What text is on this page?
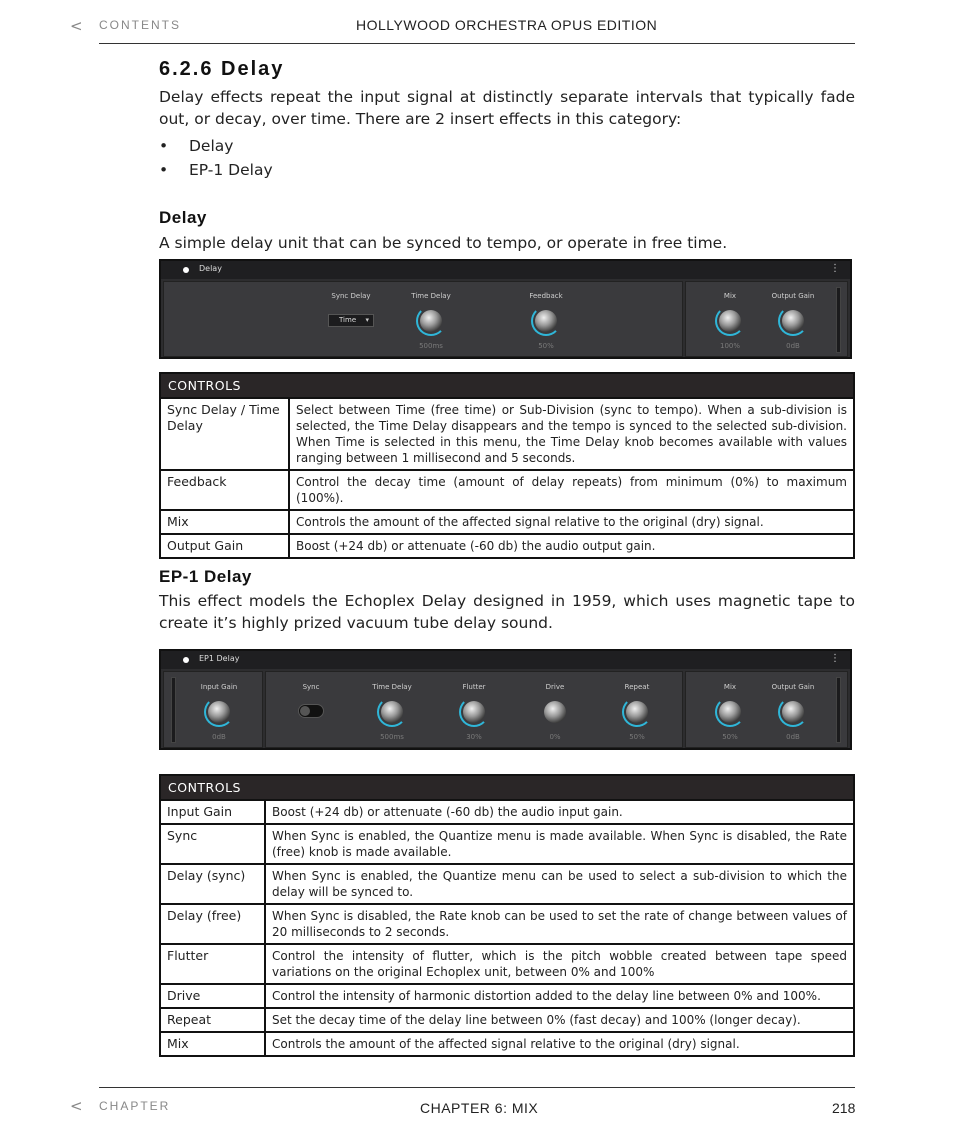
< CONTENTS	HOLLYWOOD ORCHESTRA OPUS EDITION
6.2.6 Delay
Delay effects repeat the input signal at distinctly separate intervals that typically fade out, or decay, over time. There are 2 insert effects in this category:
• Delay
• EP-1 Delay
Delay
A simple delay unit that can be synced to tempo, or operate in free time.
Delay	⋮
Sync Delay
Time ▾
Time Delay
500ms
Feedback
50%
Mix
100%
Output Gain
0dB
CONTROLS	
Sync Delay / Time Delay	Select between Time (free time) or Sub-Division (sync to tempo). When a sub-division is selected, the Time Delay disappears and the tempo is synced to the selected sub-division. When Time is selected in this menu, the Time Delay knob becomes available with values ranging between 1 millisecond and 5 seconds.
Feedback	Control the decay time (amount of delay repeats) from minimum (0%) to maximum (100%).
Mix	Controls the amount of the affected signal relative to the original (dry) signal.
Output Gain	Boost (+24 db) or attenuate (-60 db) the audio output gain.
EP-1 Delay
This effect models the Echoplex Delay designed in 1959, which uses magnetic tape to create it’s highly prized vacuum tube delay sound.
EP1 Delay	⋮
Input Gain
0dB
Sync	Time Delay
500ms
Flutter
30%
Drive
0%
Repeat
50%
Mix
50%
Output Gain
0dB
CONTROLS	
Input Gain	Boost (+24 db) or attenuate (-60 db) the audio input gain.
Sync	When Sync is enabled, the Quantize menu is made available. When Sync is disabled, the Rate (free) knob is made available.
Delay (sync)	When Sync is enabled, the Quantize menu can be used to select a sub-division to which the delay will be synced to.
Delay (free)	When Sync is disabled, the Rate knob can be used to set the rate of change between values of 20 milliseconds to 2 seconds.
Flutter	Control the intensity of flutter, which is the pitch wobble created between tape speed variations on the original Echoplex unit, between 0% and 100%
Drive	Control the intensity of harmonic distortion added to the delay line between 0% and 100%.
Repeat	Set the decay time of the delay line between 0% (fast decay) and 100% (longer decay).
Mix	Controls the amount of the affected signal relative to the original (dry) signal.
< CHAPTER	CHAPTER 6: MIX	218
